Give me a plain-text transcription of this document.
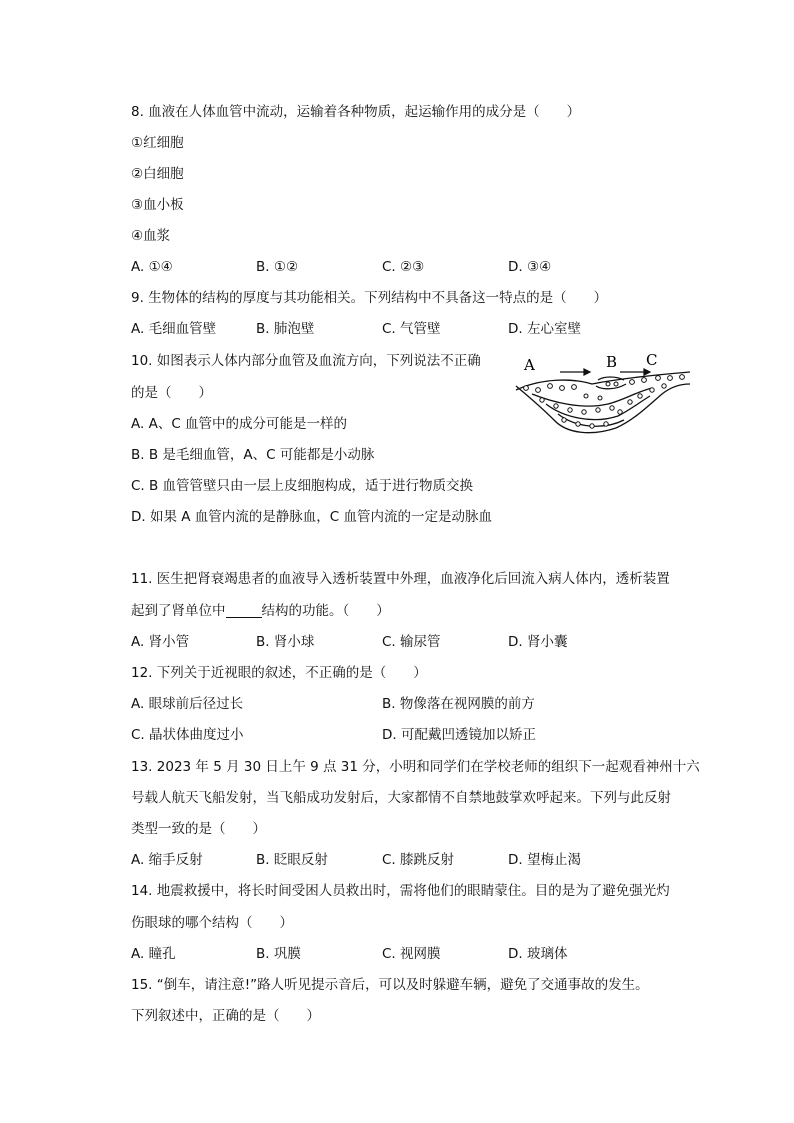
8. 血液在人体血管中流动，运输着各种物质，起运输作用的成分是（　　）
①红细胞
②白细胞
③血小板
④血浆
A. ①④	B. ①②	C. ②③	D. ③④
9. 生物体的结构的厚度与其功能相关。下列结构中不具备这一特点的是（　　）
A. 毛细血管壁	B. 肺泡壁	C. 气管壁	D. 左心室壁
10. 如图表示人体内部分血管及血流方向，下列说法不正确
的是（　　）
A. A、C 血管中的成分可能是一样的
B. B 是毛细血管，A、C 可能都是小动脉
C. B 血管管壁只由一层上皮细胞构成，适于进行物质交换
D. 如果 A 血管内流的是静脉血，C 血管内流的一定是动脉血
A	B C
11. 医生把肾衰竭患者的血液导入透析装置中外理，血液净化后回流入病人体内，透析装置
起到了肾单位中	结构的功能。（　　）
A. 肾小管	B. 肾小球	C. 输尿管	D. 肾小囊
12. 下列关于近视眼的叙述，不正确的是（　　）
A. 眼球前后径过长	B. 物像落在视网膜的前方
C. 晶状体曲度过小	D. 可配戴凹透镜加以矫正
13. 2023 年 5 月 30 日上午 9 点 31 分，小明和同学们在学校老师的组织下一起观看神州十六
号载人航天飞船发射，当飞船成功发射后，大家都情不自禁地鼓掌欢呼起来。下列与此反射
类型一致的是（　　）
A. 缩手反射	B. 眨眼反射	C. 膝跳反射	D. 望梅止渴
14. 地震救援中，将长时间受困人员救出时，需将他们的眼睛蒙住。目的是为了避免强光灼
伤眼球的哪个结构（　　）
A. 瞳孔	B. 巩膜	C. 视网膜	D. 玻璃体
15. “倒车，请注意!”路人听见提示音后，可以及时躲避车辆，避免了交通事故的发生。
下列叙述中，正确的是（　　）
